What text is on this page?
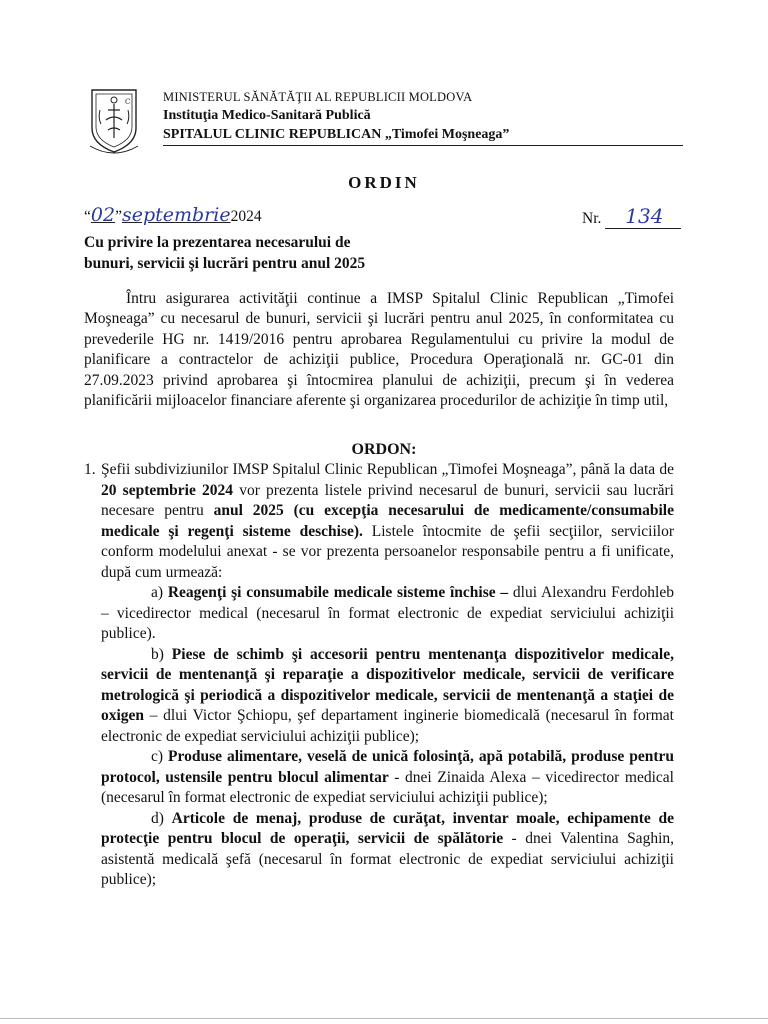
C	MINISTERUL SĂNĂTĂŢII AL REPUBLICII MOLDOVA
Instituţia Medico-Sanitară Publică
SPITALUL CLINIC REPUBLICAN „Timofei Moşneaga”
ORDIN
“02”septembrie2024	Nr. 134
Cu privire la prezentarea necesarului de
bunuri, servicii şi lucrări pentru anul 2025
Întru asigurarea activităţii continue a IMSP Spitalul Clinic Republican „Timofei Moşneaga” cu necesarul de bunuri, servicii şi lucrări pentru anul 2025, în conformitatea cu prevederile HG nr. 1419/2016 pentru aprobarea Regulamentului cu privire la modul de planificare a contractelor de achiziţii publice, Procedura Operaţională nr. GC-01 din 27.09.2023 privind aprobarea şi întocmirea planului de achiziţii, precum şi în vederea planificării mijloacelor financiare aferente şi organizarea procedurilor de achiziţie în timp util,
ORDON:
1. Şefii subdiviziunilor IMSP Spitalul Clinic Republican „Timofei Moşneaga”, până la data de 20 septembrie 2024 vor prezenta listele privind necesarul de bunuri, servicii sau lucrări necesare pentru anul 2025 (cu excepţia necesarului de medicamente/consumabile medicale şi regenţi sisteme deschise). Listele întocmite de şefii secţiilor, serviciilor conform modelului anexat - se vor prezenta persoanelor responsabile pentru a fi unificate, după cum urmează:
a) Reagenţi şi consumabile medicale sisteme închise – dlui Alexandru Ferdohleb – vicedirector medical (necesarul în format electronic de expediat serviciului achiziţii publice).
b) Piese de schimb şi accesorii pentru mentenanţa dispozitivelor medicale, servicii de mentenanţă şi reparaţie a dispozitivelor medicale, servicii de verificare metrologică şi periodică a dispozitivelor medicale, servicii de mentenanţă a staţiei de oxigen – dlui Victor Şchiopu, şef departament inginerie biomedicală (necesarul în format electronic de expediat serviciului achiziţii publice);
c) Produse alimentare, veselă de unică folosinţă, apă potabilă, produse pentru protocol, ustensile pentru blocul alimentar - dnei Zinaida Alexa – vicedirector medical (necesarul în format electronic de expediat serviciului achiziţii publice);
d) Articole de menaj, produse de curăţat, inventar moale, echipamente de protecţie pentru blocul de operaţii, servicii de spălătorie - dnei Valentina Saghin, asistentă medicală şefă (necesarul în format electronic de expediat serviciului achiziţii publice);
